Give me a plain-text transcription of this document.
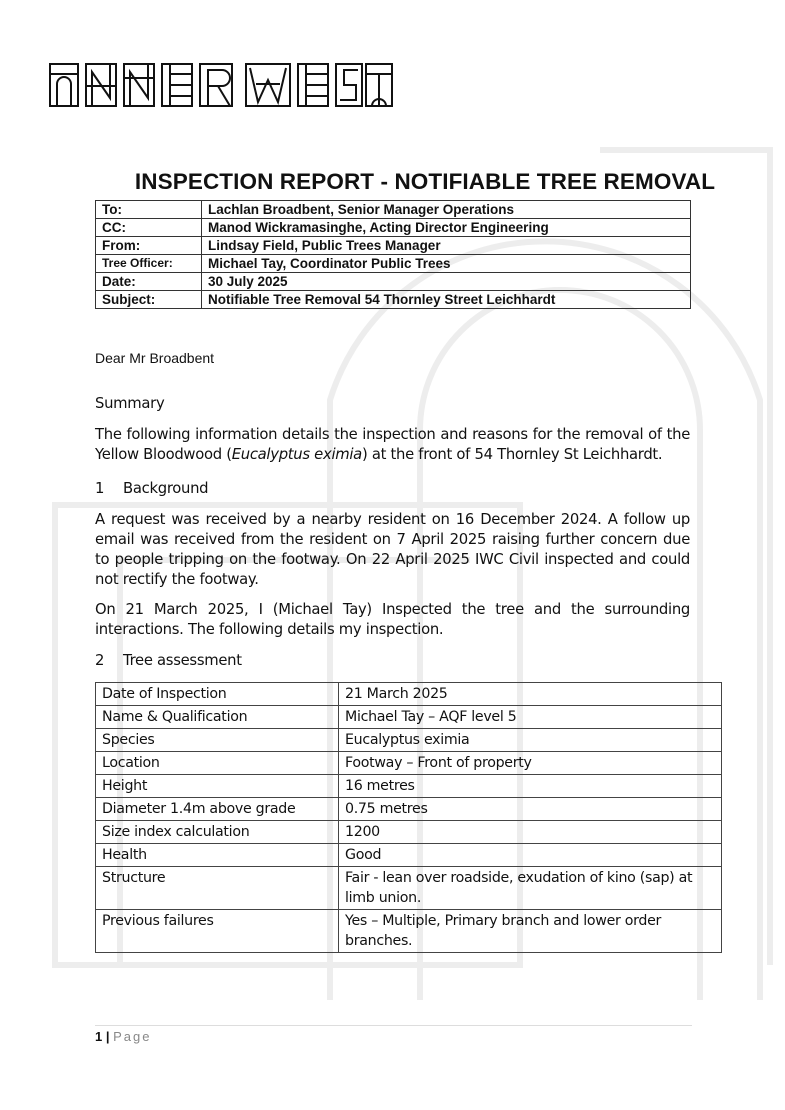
INSPECTION REPORT - NOTIFIABLE TREE REMOVAL
To:	Lachlan Broadbent, Senior Manager Operations
CC:	Manod Wickramasinghe, Acting Director Engineering
From:	Lindsay Field, Public Trees Manager
Tree Officer:	Michael Tay, Coordinator Public Trees
Date:	30 July 2025
Subject:	Notifiable Tree Removal 54 Thornley Street Leichhardt

Dear Mr Broadbent

Summary

The following information details the inspection and reasons for the removal of the Yellow Bloodwood (Eucalyptus eximia) at the front of 54 Thornley St Leichhardt.

1 Background

A request was received by a nearby resident on 16 December 2024. A follow up email was received from the resident on 7 April 2025 raising further concern due to people tripping on the footway. On 22 April 2025 IWC Civil inspected and could not rectify the footway.

On 21 March 2025, I (Michael Tay) Inspected the tree and the surrounding interactions. The following details my inspection.

2 Tree assessment

Date of Inspection	21 March 2025
Name & Qualification	Michael Tay – AQF level 5
Species	Eucalyptus eximia
Location	Footway – Front of property
Height	16 metres
Diameter 1.4m above grade	0.75 metres
Size index calculation	1200
Health	Good
Structure	Fair - lean over roadside, exudation of kino (sap) at limb union.
Previous failures	Yes – Multiple, Primary branch and lower order branches.
1 | Page
